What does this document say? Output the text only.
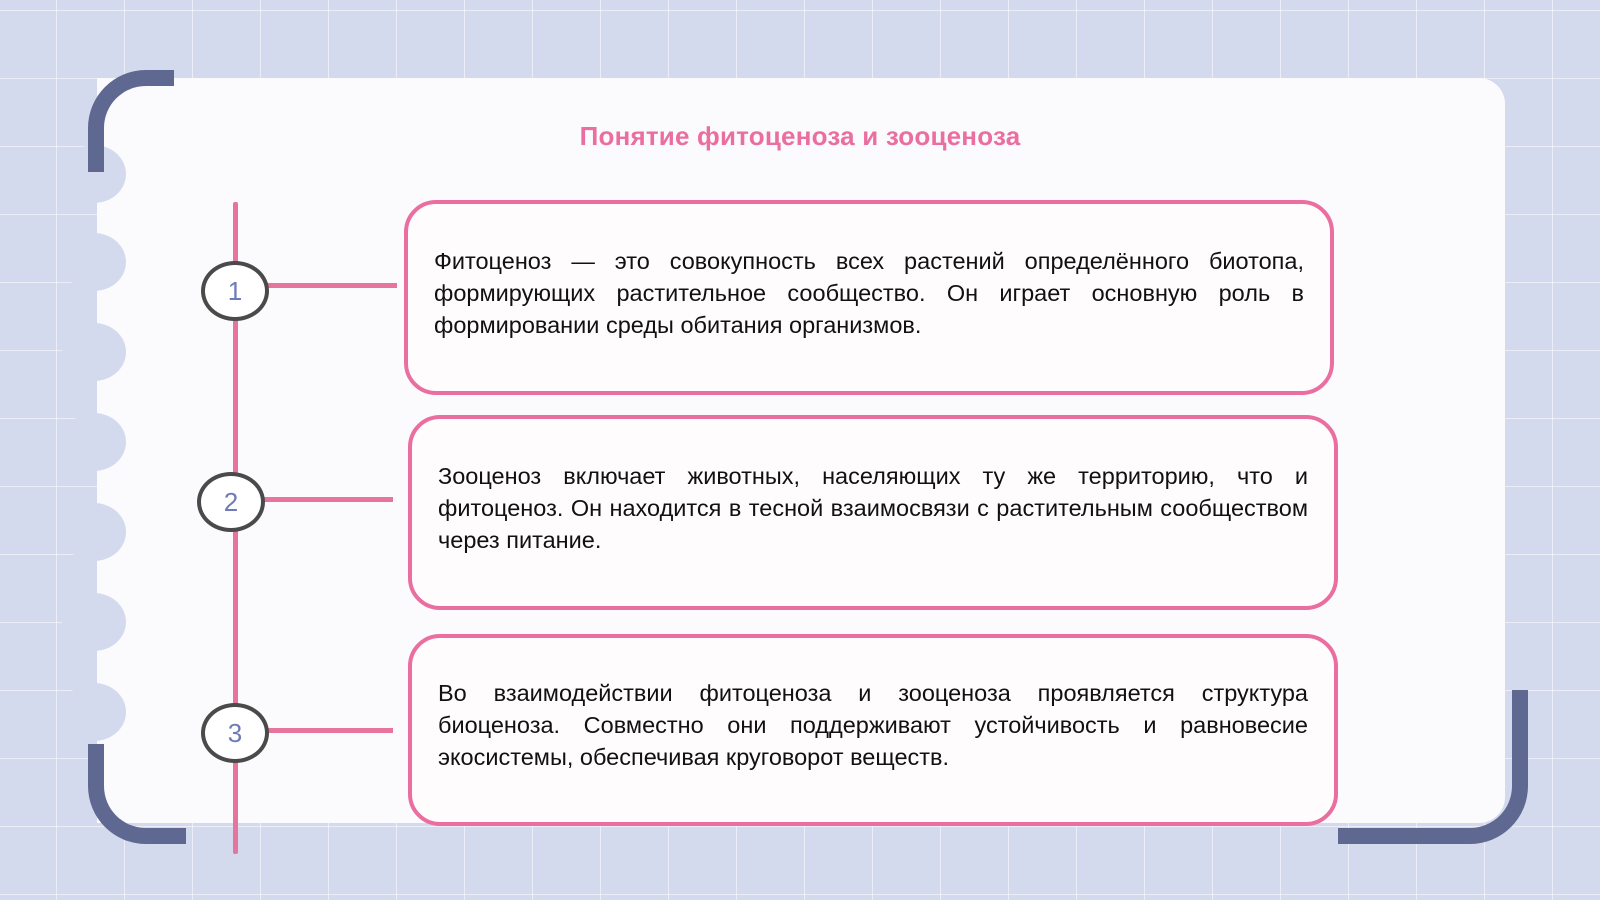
Понятие фитоценоза и зооценоза
1
2
3

Фитоценоз — это совокупность всех растений определённого биотопа, формирующих растительное сообщество. Он играет основную роль в формировании среды обитания организмов.

Зооценоз включает животных, населяющих ту же территорию, что и фитоценоз. Он находится в тесной взаимосвязи с растительным сообществом через питание.

Во взаимодействии фитоценоза и зооценоза проявляется структура биоценоза. Совместно они поддерживают устойчивость и равновесие экосистемы, обеспечивая круговорот веществ.
